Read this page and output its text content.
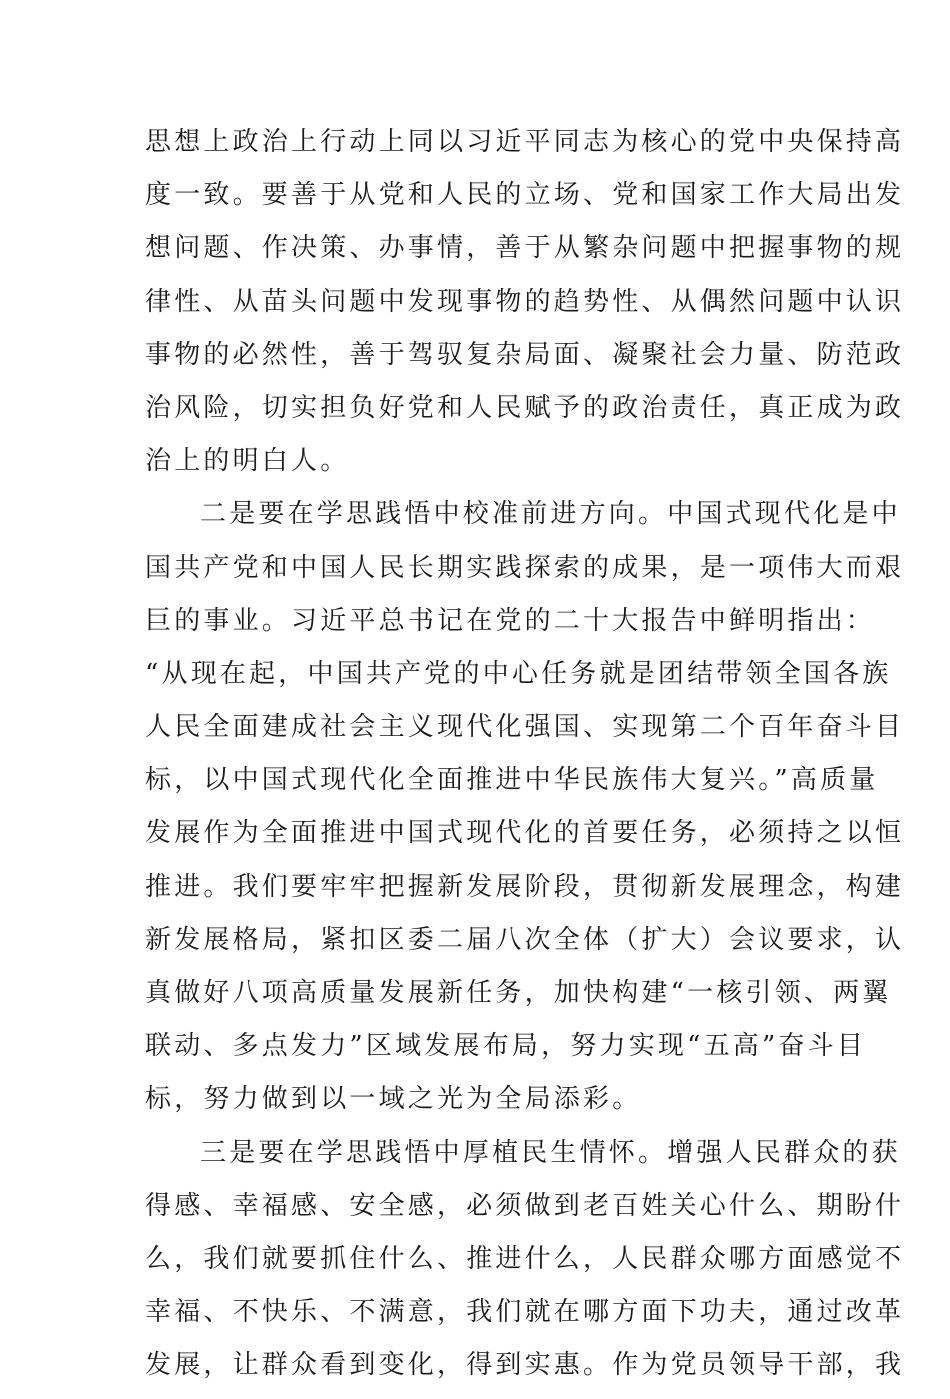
思想上政治上行动上同以习近平同志为核心的党中央保持高
度一致。要善于从党和人民的立场、党和国家工作大局出发
想问题、作决策、办事情，善于从繁杂问题中把握事物的规
律性、从苗头问题中发现事物的趋势性、从偶然问题中认识
事物的必然性，善于驾驭复杂局面、凝聚社会力量、防范政
治风险，切实担负好党和人民赋予的政治责任，真正成为政
治上的明白人。
二是要在学思践悟中校准前进方向。中国式现代化是中
国共产党和中国人民长期实践探索的成果，是一项伟大而艰
巨的事业。习近平总书记在党的二十大报告中鲜明指出：
“从现在起，中国共产党的中心任务就是团结带领全国各族
人民全面建成社会主义现代化强国、实现第二个百年奋斗目
标，以中国式现代化全面推进中华民族伟大复兴。”高质量
发展作为全面推进中国式现代化的首要任务，必须持之以恒
推进。我们要牢牢把握新发展阶段，贯彻新发展理念，构建
新发展格局，紧扣区委二届八次全体（扩大）会议要求，认
真做好八项高质量发展新任务，加快构建“一核引领、两翼
联动、多点发力”区域发展布局，努力实现“五高”奋斗目
标，努力做到以一域之光为全局添彩。
三是要在学思践悟中厚植民生情怀。增强人民群众的获
得感、幸福感、安全感，必须做到老百姓关心什么、期盼什
么，我们就要抓住什么、推进什么，人民群众哪方面感觉不
幸福、不快乐、不满意，我们就在哪方面下功夫，通过改革
发展，让群众看到变化，得到实惠。作为党员领导干部，我
